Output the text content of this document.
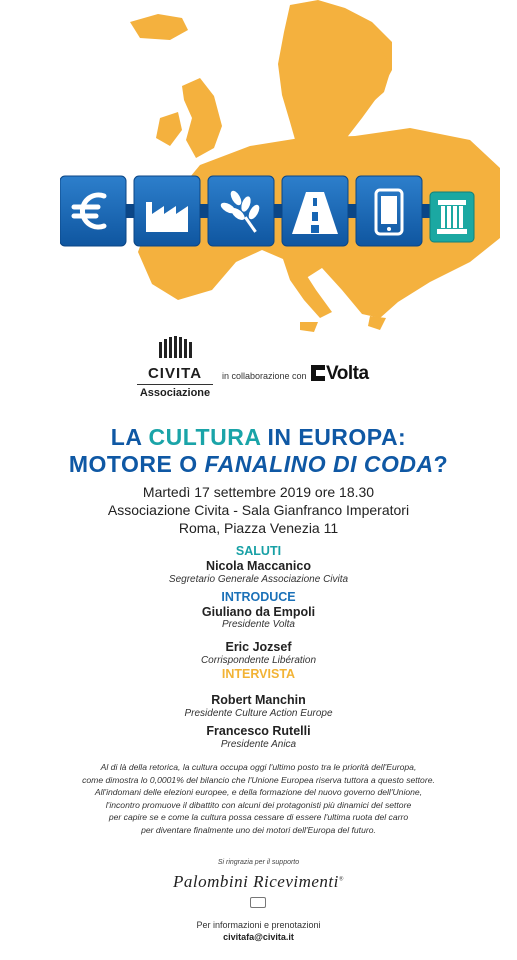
CIVITA
Associazione
in collaborazione con	Volta
LA CULTURA IN EUROPA:
MOTORE O FANALINO DI CODA?
Martedì 17 settembre 2019 ore 18.30
Associazione Civita - Sala Gianfranco Imperatori
Roma, Piazza Venezia 11
SALUTI
Nicola Maccanico
Segretario Generale Associazione Civita
INTRODUCE
Giuliano da Empoli
Presidente Volta
Eric Jozsef
Corrispondente Libération
INTERVISTA
Robert Manchin
Presidente Culture Action Europe
Francesco Rutelli
Presidente Anica
Al di là della retorica, la cultura occupa oggi l'ultimo posto tra le priorità dell'Europa,
come dimostra lo 0,0001% del bilancio che l'Unione Europea riserva tuttora a questo settore.
All'indomani delle elezioni europee, e della formazione del nuovo governo dell'Unione,
l'incontro promuove il dibattito con alcuni dei protagonisti più dinamici del settore
per capire se e come la cultura possa cessare di essere l'ultima ruota del carro
per diventare finalmente uno dei motori dell'Europa del futuro.
Si ringrazia per il supporto
Palombini Ricevimenti®
Per informazioni e prenotazioni
civitafa@civita.it
